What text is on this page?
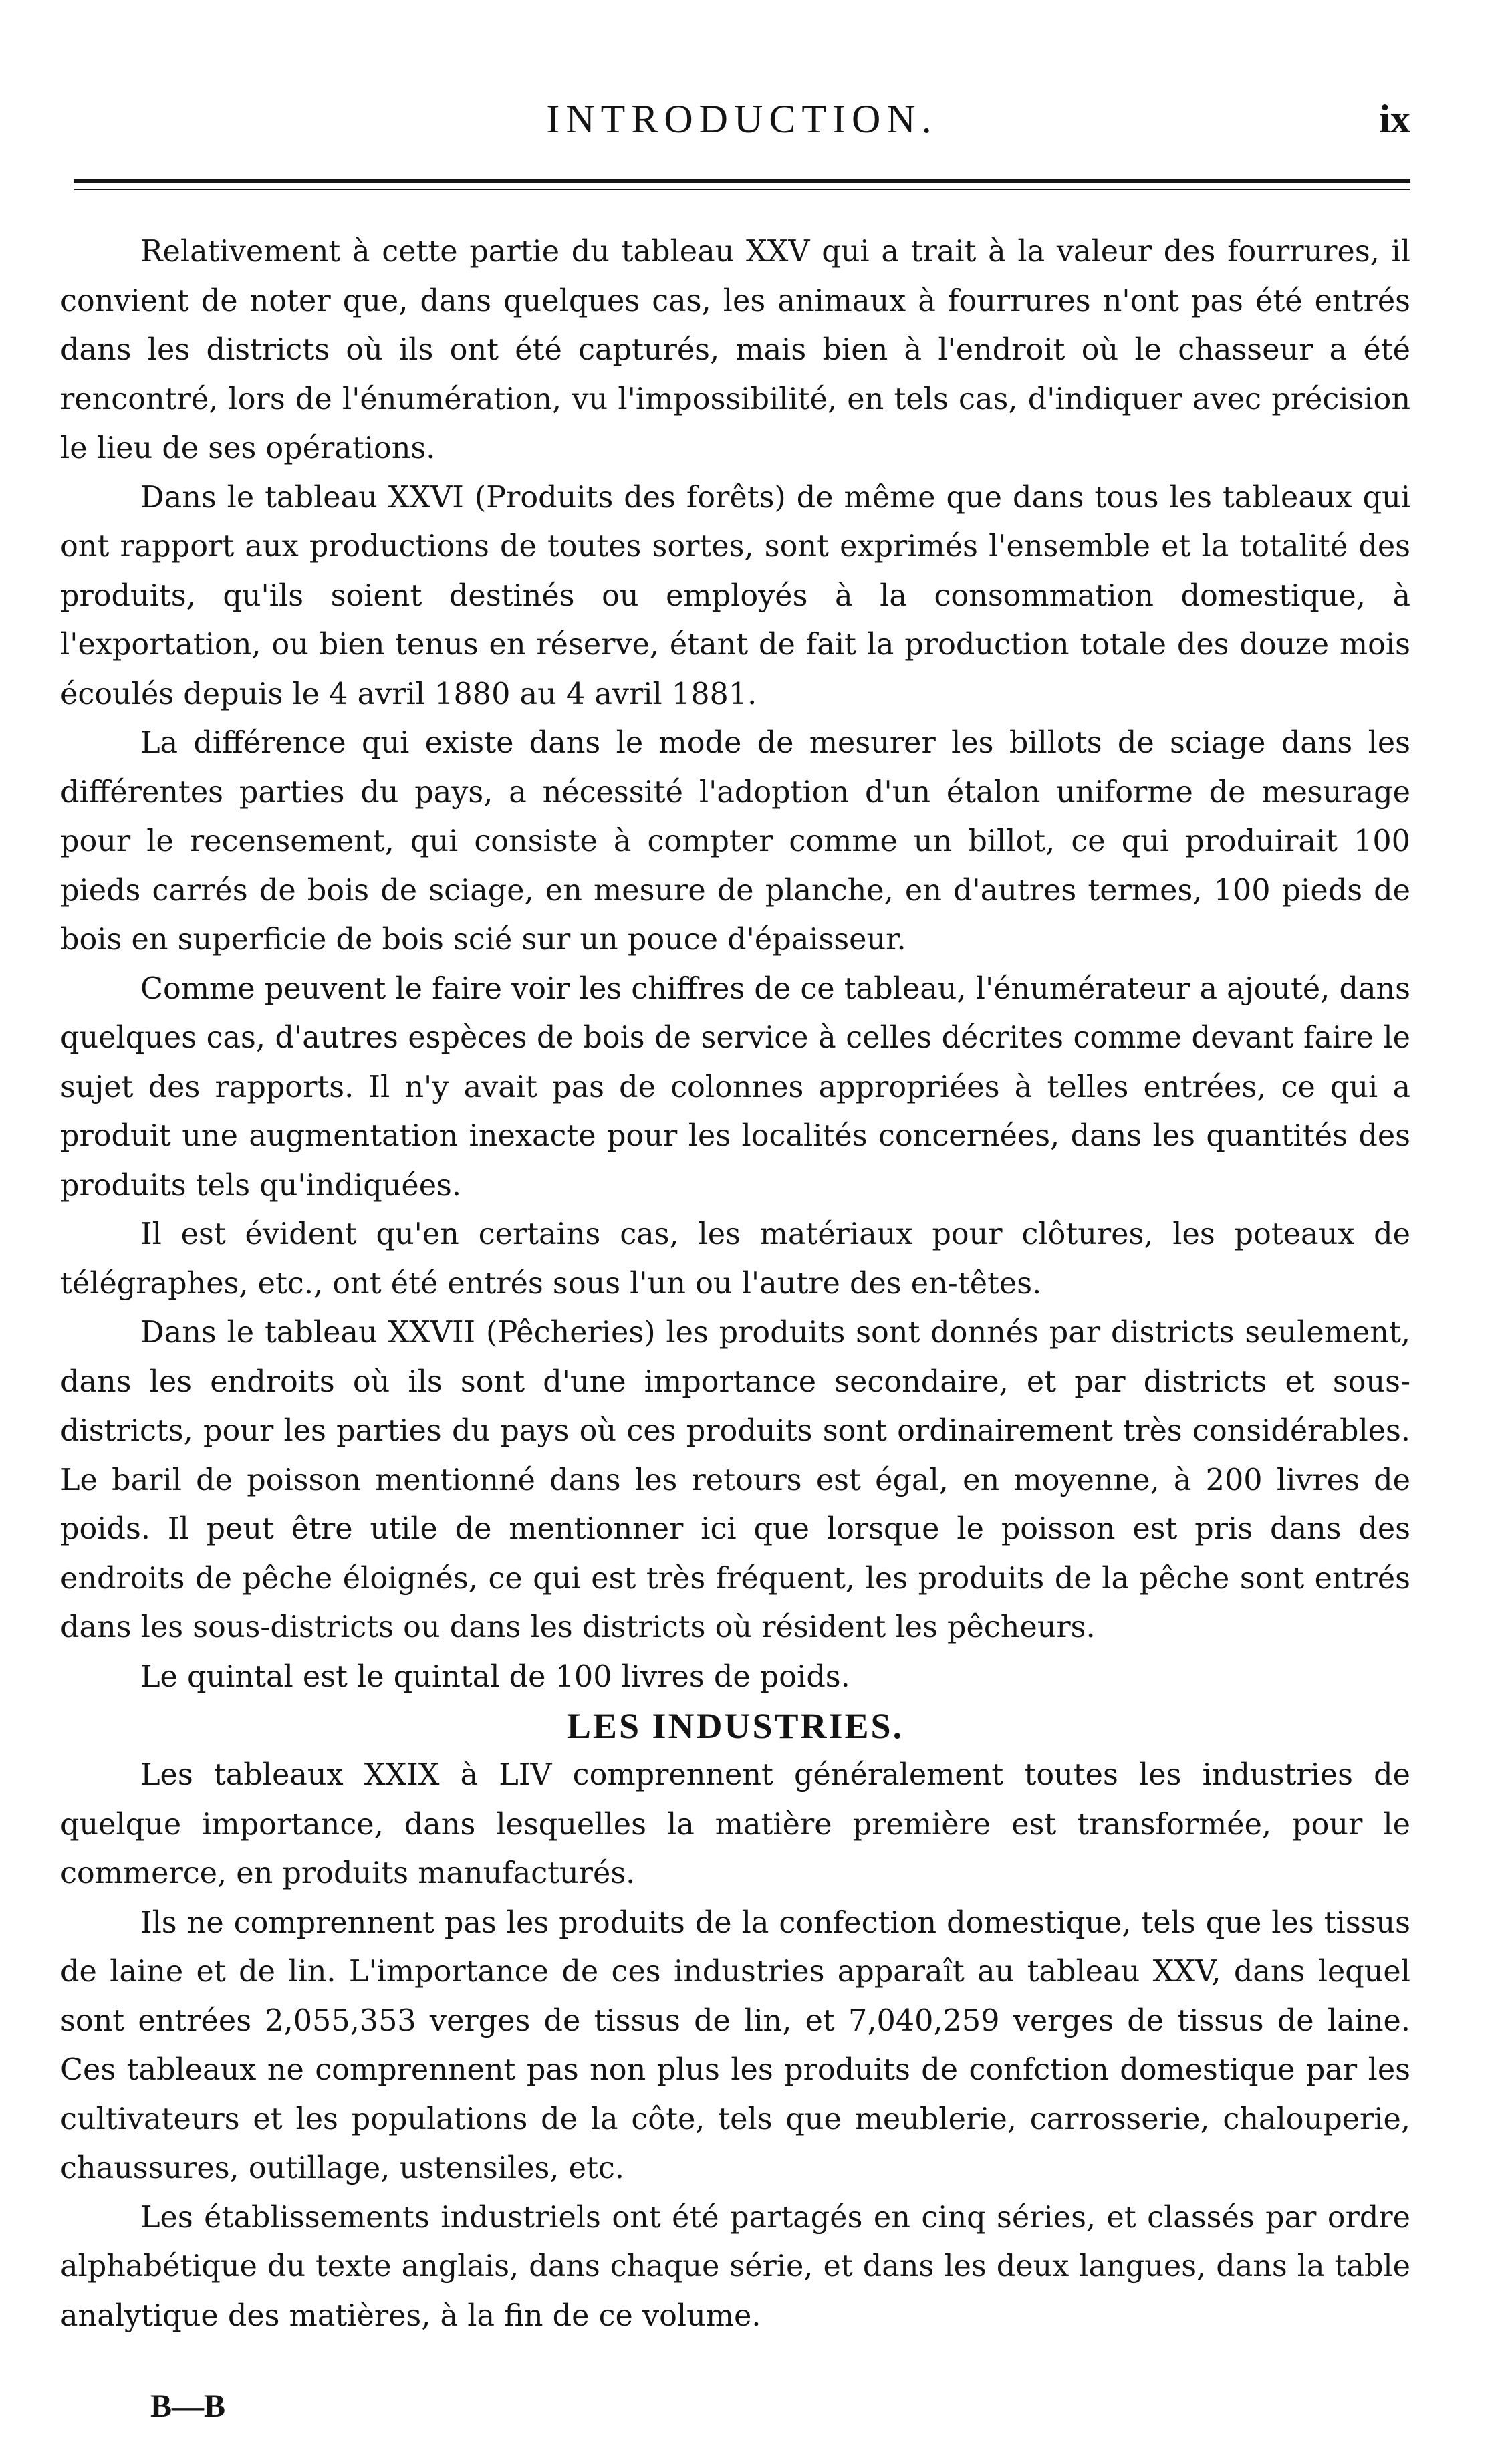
INTRODUCTION.	ix

Relativement à cette partie du tableau XXV qui a trait à la valeur des fourrures, il convient de noter que, dans quelques cas, les animaux à fourrures n'ont pas été entrés dans les districts où ils ont été capturés, mais bien à l'endroit où le chasseur a été rencontré, lors de l'énumération, vu l'impossibilité, en tels cas, d'indiquer avec précision le lieu de ses opérations.

Dans le tableau XXVI (Produits des forêts) de même que dans tous les tableaux qui ont rapport aux productions de toutes sortes, sont exprimés l'ensemble et la totalité des produits, qu'ils soient destinés ou employés à la consommation domestique, à l'exportation, ou bien tenus en réserve, étant de fait la production totale des douze mois écoulés depuis le 4 avril 1880 au 4 avril 1881.

La différence qui existe dans le mode de mesurer les billots de sciage dans les différentes parties du pays, a nécessité l'adoption d'un étalon uniforme de mesurage pour le recensement, qui consiste à compter comme un billot, ce qui produirait 100 pieds carrés de bois de sciage, en mesure de planche, en d'autres termes, 100 pieds de bois en superficie de bois scié sur un pouce d'épaisseur.

Comme peuvent le faire voir les chiffres de ce tableau, l'énumérateur a ajouté, dans quelques cas, d'autres espèces de bois de service à celles décrites comme devant faire le sujet des rapports. Il n'y avait pas de colonnes appropriées à telles entrées, ce qui a produit une augmentation inexacte pour les localités concernées, dans les quantités des produits tels qu'indiquées.

Il est évident qu'en certains cas, les matériaux pour clôtures, les poteaux de télégraphes, etc., ont été entrés sous l'un ou l'autre des en-têtes.

Dans le tableau XXVII (Pêcheries) les produits sont donnés par districts seulement, dans les endroits où ils sont d'une importance secondaire, et par districts et sous-districts, pour les parties du pays où ces produits sont ordinairement très considérables. Le baril de poisson mentionné dans les retours est égal, en moyenne, à 200 livres de poids. Il peut être utile de mentionner ici que lorsque le poisson est pris dans des endroits de pêche éloignés, ce qui est très fréquent, les produits de la pêche sont entrés dans les sous-districts ou dans les districts où résident les pêcheurs.

Le quintal est le quintal de 100 livres de poids.

LES INDUSTRIES.

Les tableaux XXIX à LIV comprennent généralement toutes les industries de quelque importance, dans lesquelles la matière première est transformée, pour le commerce, en produits manufacturés.

Ils ne comprennent pas les produits de la confection domestique, tels que les tissus de laine et de lin. L'importance de ces industries apparaît au tableau XXV, dans lequel sont entrées 2,055,353 verges de tissus de lin, et 7,040,259 verges de tissus de laine. Ces tableaux ne comprennent pas non plus les produits de confction domestique par les cultivateurs et les populations de la côte, tels que meublerie, carrosserie, chalouperie, chaussures, outillage, ustensiles, etc.

Les établissements industriels ont été partagés en cinq séries, et classés par ordre alphabétique du texte anglais, dans chaque série, et dans les deux langues, dans la table analytique des matières, à la fin de ce volume.

B—B
